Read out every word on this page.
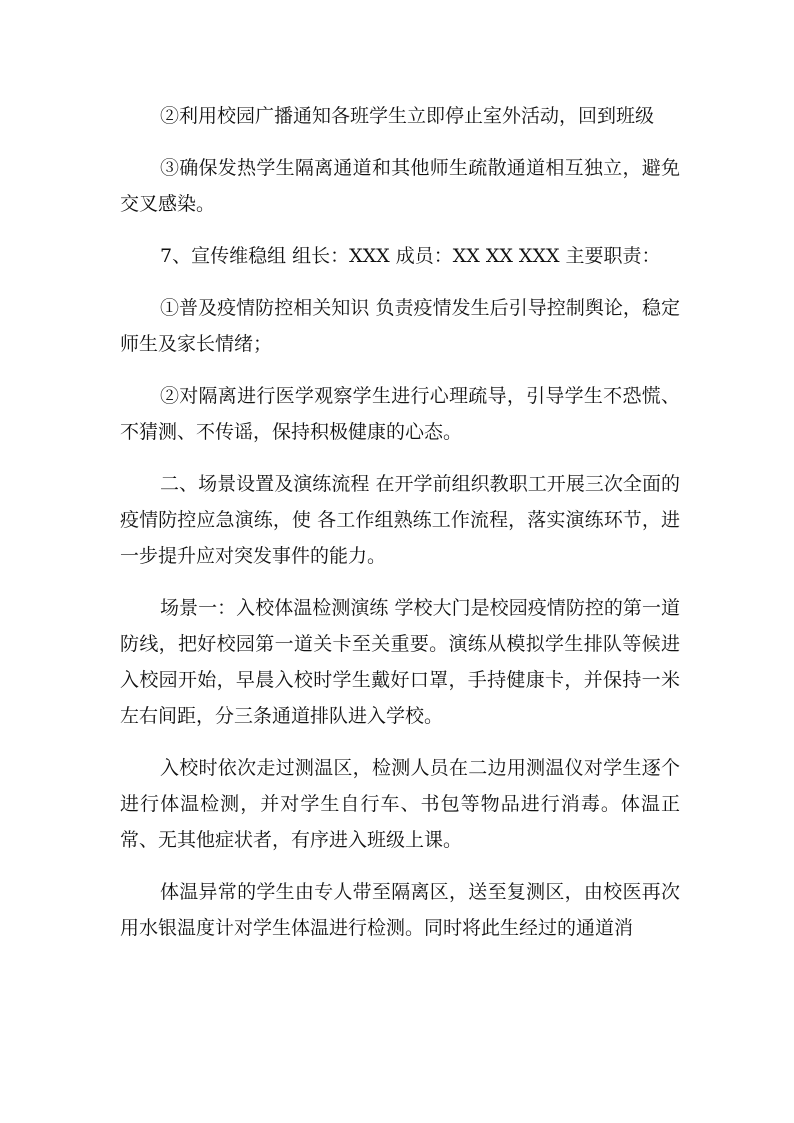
②利用校园广播通知各班学生立即停止室外活动，回到班级

③确保发热学生隔离通道和其他师生疏散通道相互独立，避免交叉感染。

7、宣传维稳组 组长：XXX 成员：XX XX XXX 主要职责：

①普及疫情防控相关知识 负责疫情发生后引导控制舆论，稳定师生及家长情绪；

②对隔离进行医学观察学生进行心理疏导，引导学生不恐慌、不猜测、不传谣，保持积极健康的心态。

二、场景设置及演练流程 在开学前组织教职工开展三次全面的疫情防控应急演练，使 各工作组熟练工作流程，落实演练环节，进一步提升应对突发事件的能力。

场景一：入校体温检测演练 学校大门是校园疫情防控的第一道防线，把好校园第一道关卡至关重要。演练从模拟学生排队等候进入校园开始，早晨入校时学生戴好口罩，手持健康卡，并保持一米左右间距，分三条通道排队进入学校。

入校时依次走过测温区，检测人员在二边用测温仪对学生逐个进行体温检测，并对学生自行车、书包等物品进行消毒。体温正常、无其他症状者，有序进入班级上课。

体温异常的学生由专人带至隔离区，送至复测区，由校医再次用水银温度计对学生体温进行检测。同时将此生经过的通道消
